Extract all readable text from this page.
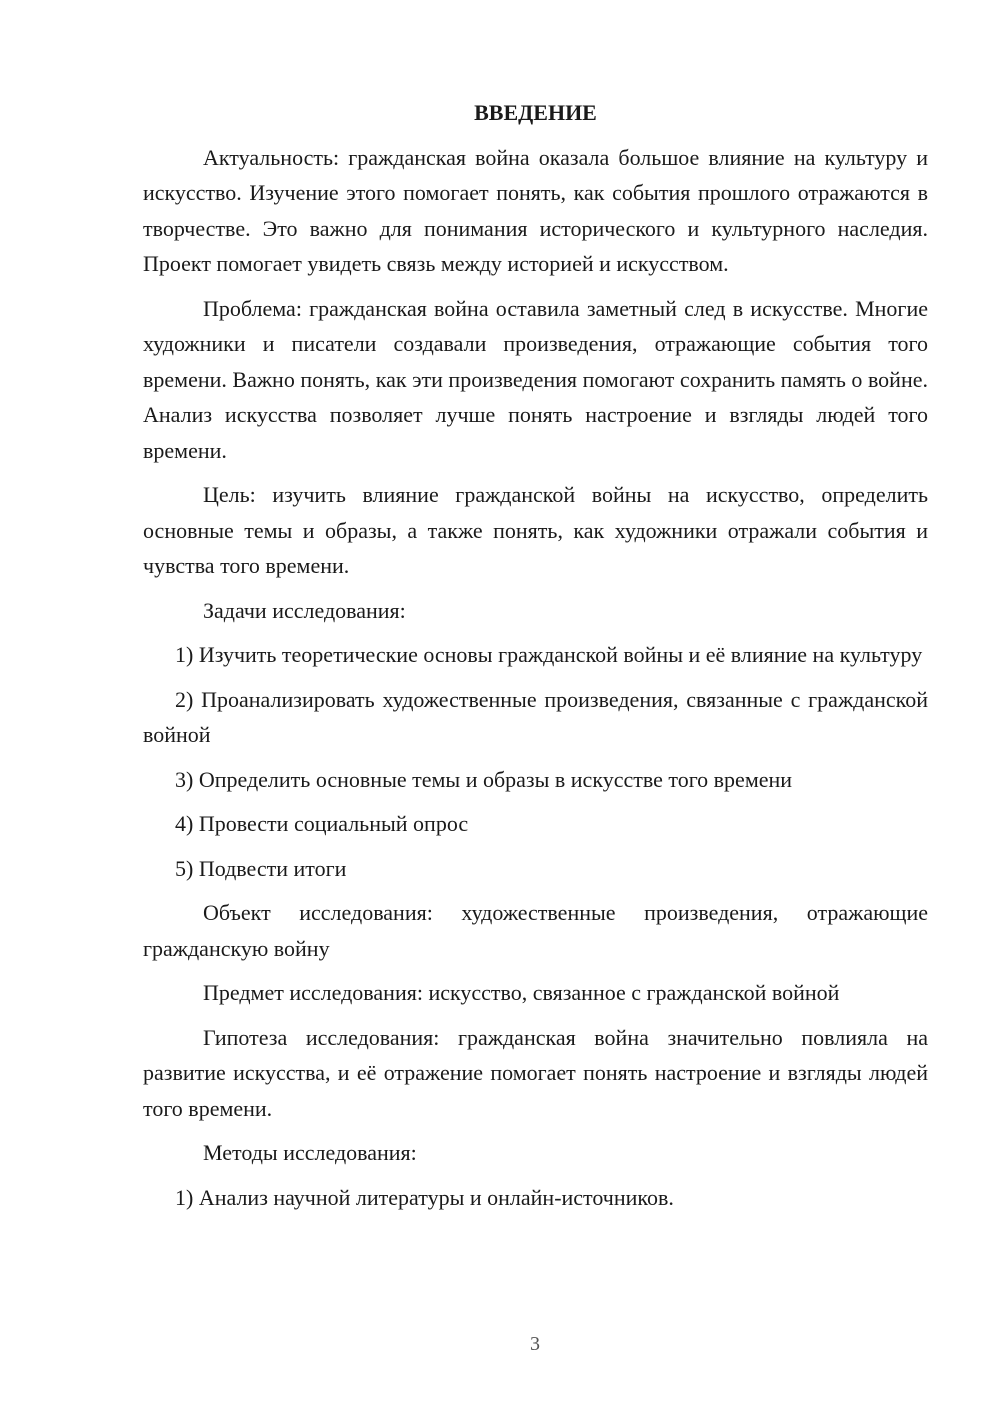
ВВЕДЕНИЕ

Актуальность: гражданская война оказала большое влияние на культуру и искусство. Изучение этого помогает понять, как события прошлого отражаются в творчестве. Это важно для понимания исторического и культурного наследия. Проект помогает увидеть связь между историей и искусством.

Проблема: гражданская война оставила заметный след в искусстве. Многие художники и писатели создавали произведения, отражающие события того времени. Важно понять, как эти произведения помогают сохранить память о войне. Анализ искусства позволяет лучше понять настроение и взгляды людей того времени.

Цель: изучить влияние гражданской войны на искусство, определить основные темы и образы, а также понять, как художники отражали события и чувства того времени.

Задачи исследования:

1) Изучить теоретические основы гражданской войны и её влияние на культуру

2) Проанализировать художественные произведения, связанные с гражданской войной

3) Определить основные темы и образы в искусстве того времени

4) Провести социальный опрос

5) Подвести итоги

Объект исследования: художественные произведения, отражающие гражданскую войну

Предмет исследования: искусство, связанное с гражданской войной

Гипотеза исследования: гражданская война значительно повлияла на развитие искусства, и её отражение помогает понять настроение и взгляды людей того времени.

Методы исследования:

1) Анализ научной литературы и онлайн-источников.

3
